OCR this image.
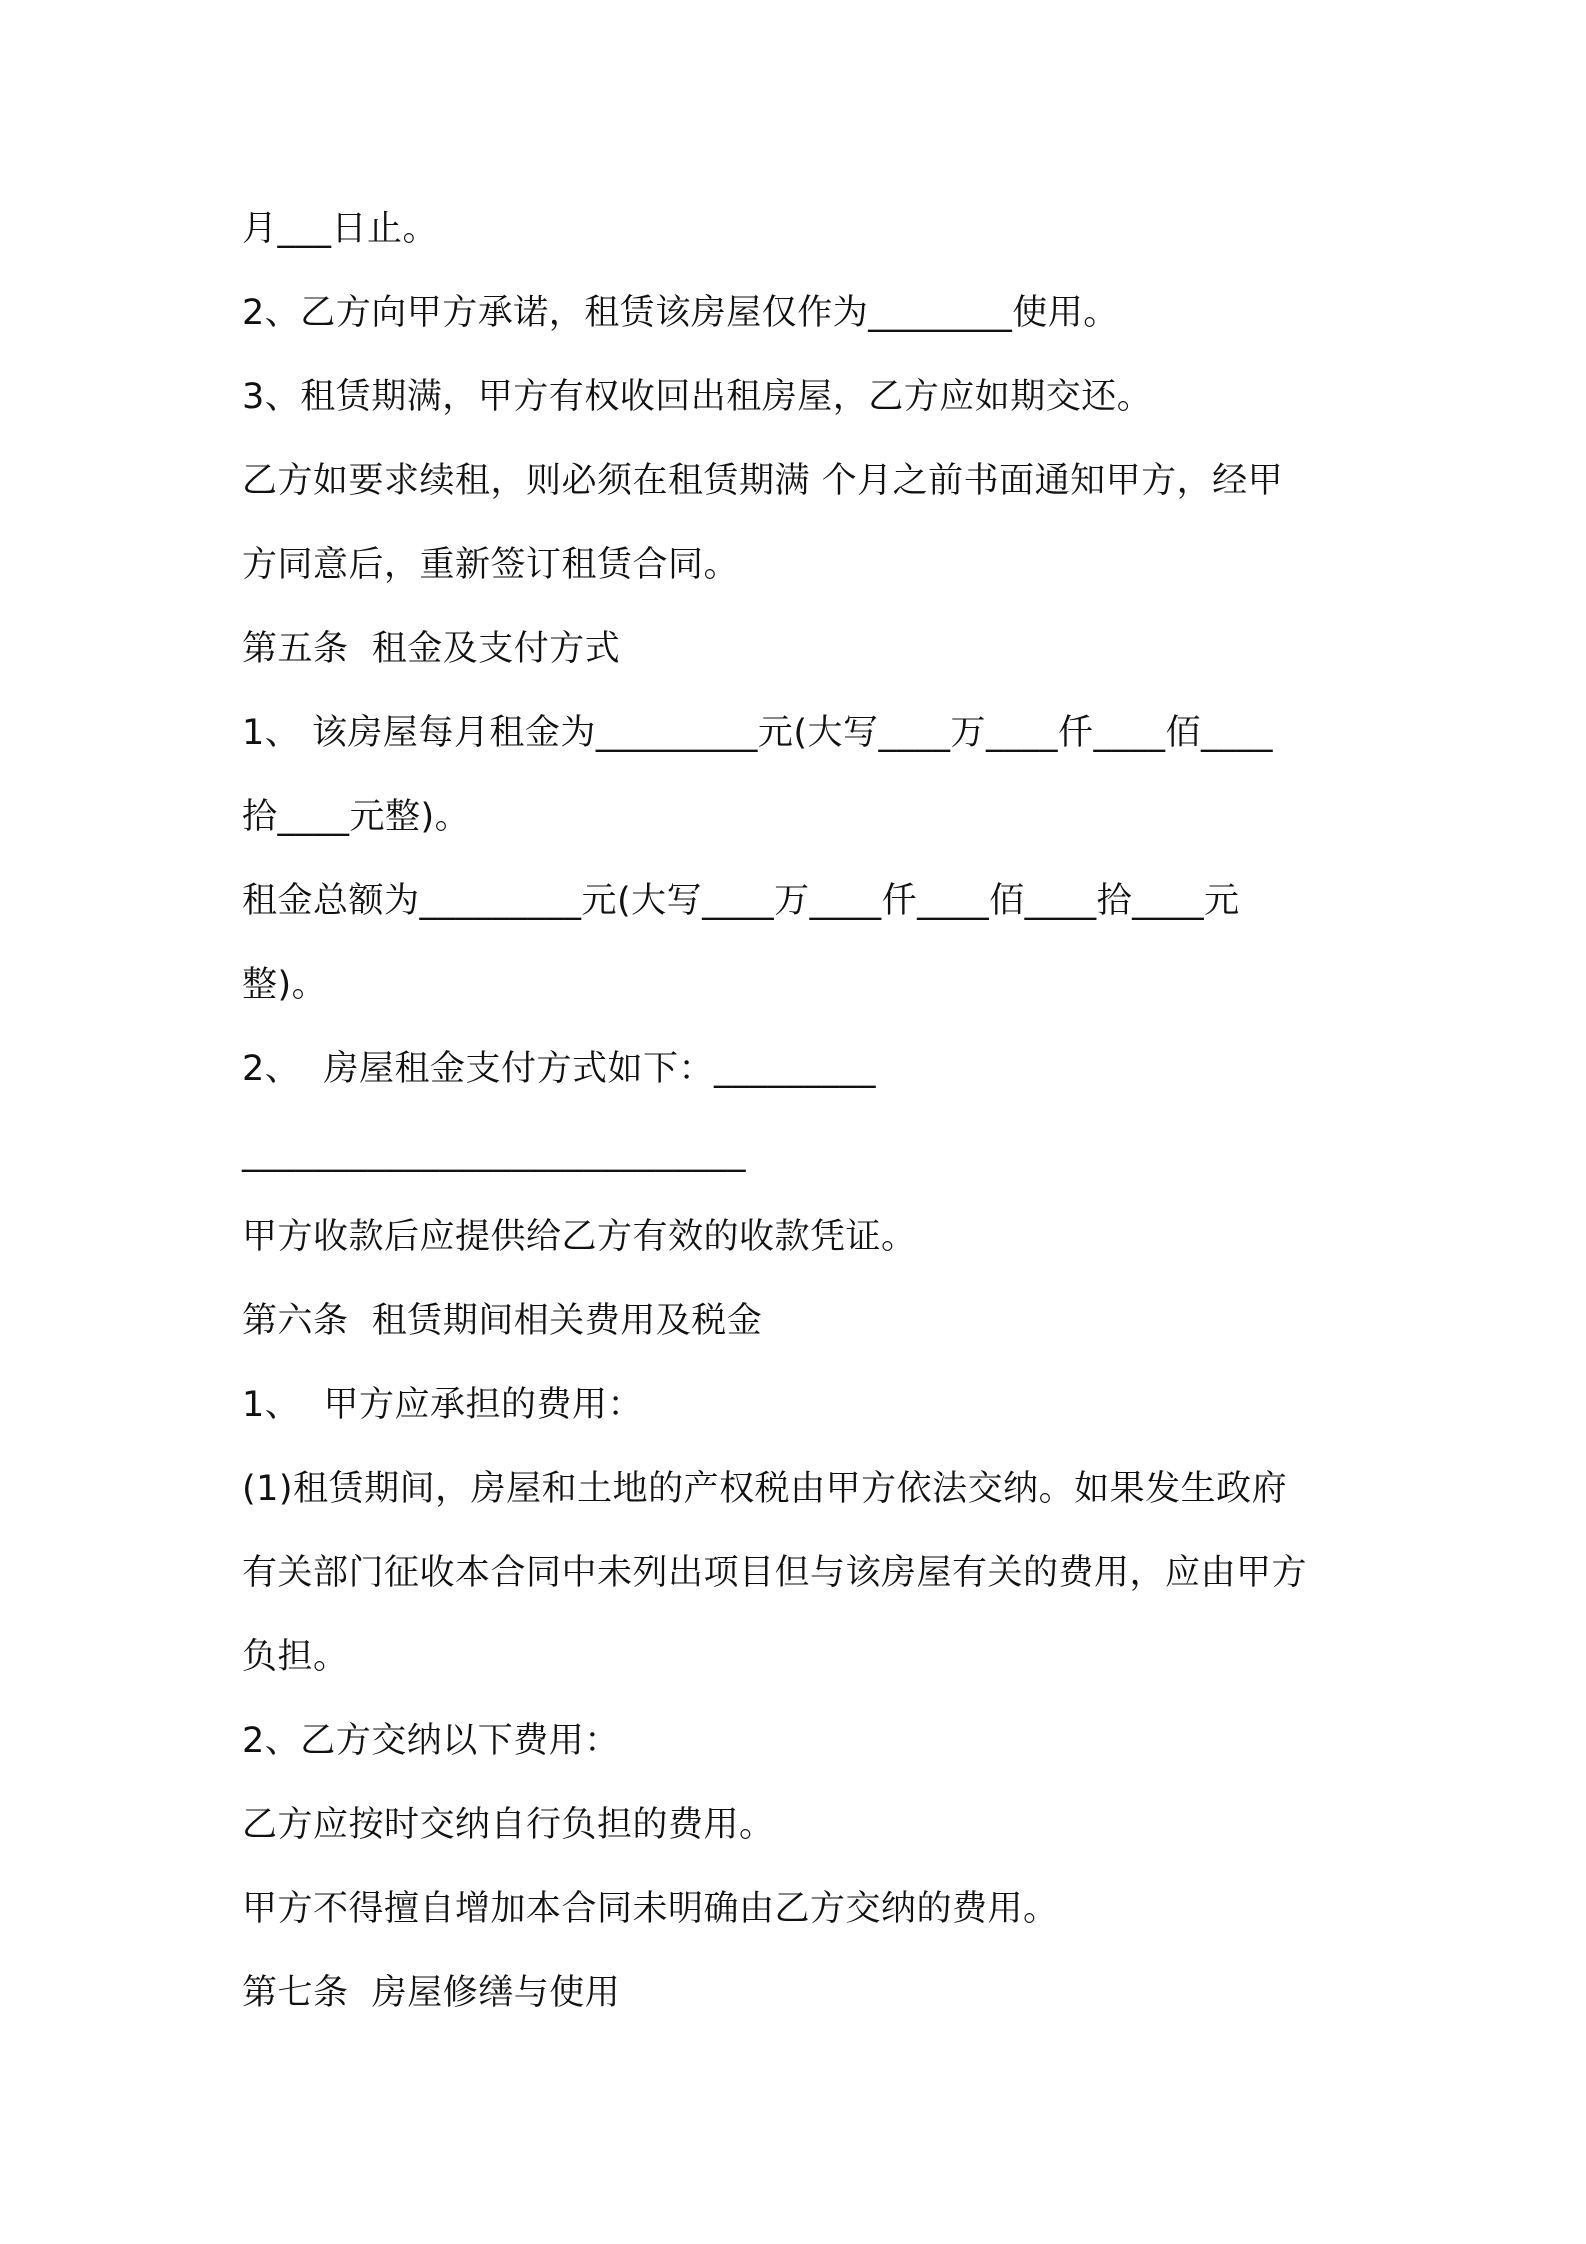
月___日止。

2、乙方向甲方承诺，租赁该房屋仅作为________使用。

3、租赁期满，甲方有权收回出租房屋，乙方应如期交还。

乙方如要求续租，则必须在租赁期满 个月之前书面通知甲方，经甲

方同意后，重新签订租赁合同。

第五条  租金及支付方式

1、 该房屋每月租金为_________元(大写____万____仟____佰____

拾____元整)。

租金总额为_________元(大写____万____仟____佰____拾____元

整)。

2、  房屋租金支付方式如下：_________

____________________________

甲方收款后应提供给乙方有效的收款凭证。

第六条  租赁期间相关费用及税金

1、  甲方应承担的费用：

(1)租赁期间，房屋和土地的产权税由甲方依法交纳。如果发生政府

有关部门征收本合同中未列出项目但与该房屋有关的费用，应由甲方

负担。

2、乙方交纳以下费用：

乙方应按时交纳自行负担的费用。

甲方不得擅自增加本合同未明确由乙方交纳的费用。

第七条  房屋修缮与使用
